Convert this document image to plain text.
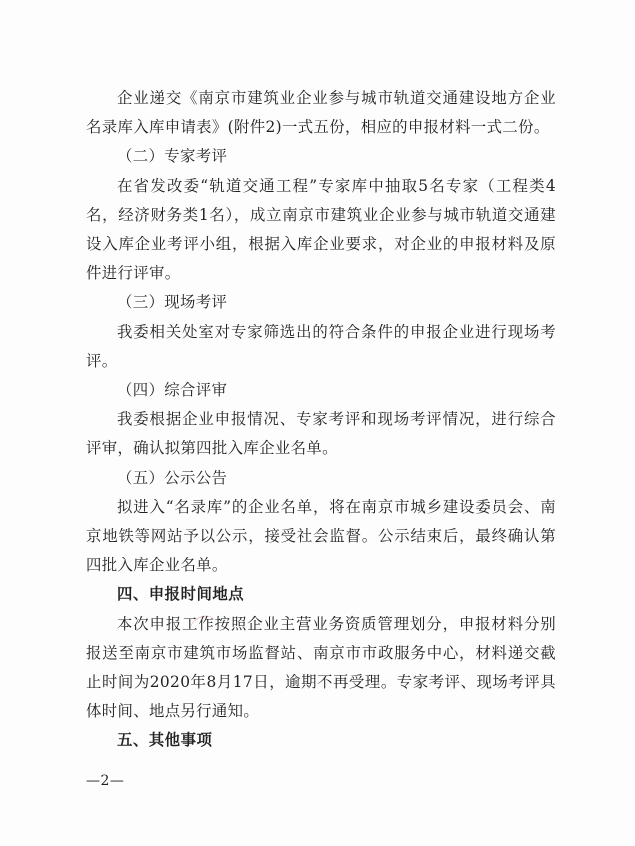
企业递交《南京市建筑业企业参与城市轨道交通建设地方企业名录库入库申请表》(附件2)一式五份，相应的申报材料一式二份。

（二）专家考评

在省发改委“轨道交通工程”专家库中抽取5名专家（工程类4名，经济财务类1名），成立南京市建筑业企业参与城市轨道交通建设入库企业考评小组，根据入库企业要求，对企业的申报材料及原件进行评审。

（三）现场考评

我委相关处室对专家筛选出的符合条件的申报企业进行现场考评。

（四）综合评审

我委根据企业申报情况、专家考评和现场考评情况，进行综合评审，确认拟第四批入库企业名单。

（五）公示公告

拟进入“名录库”的企业名单，将在南京市城乡建设委员会、南京地铁等网站予以公示，接受社会监督。公示结束后，最终确认第四批入库企业名单。

四、申报时间地点

本次申报工作按照企业主营业务资质管理划分，申报材料分别报送至南京市建筑市场监督站、南京市市政服务中心，材料递交截止时间为2020年8月17日，逾期不再受理。专家考评、现场考评具体时间、地点另行通知。

五、其他事项

—2—
